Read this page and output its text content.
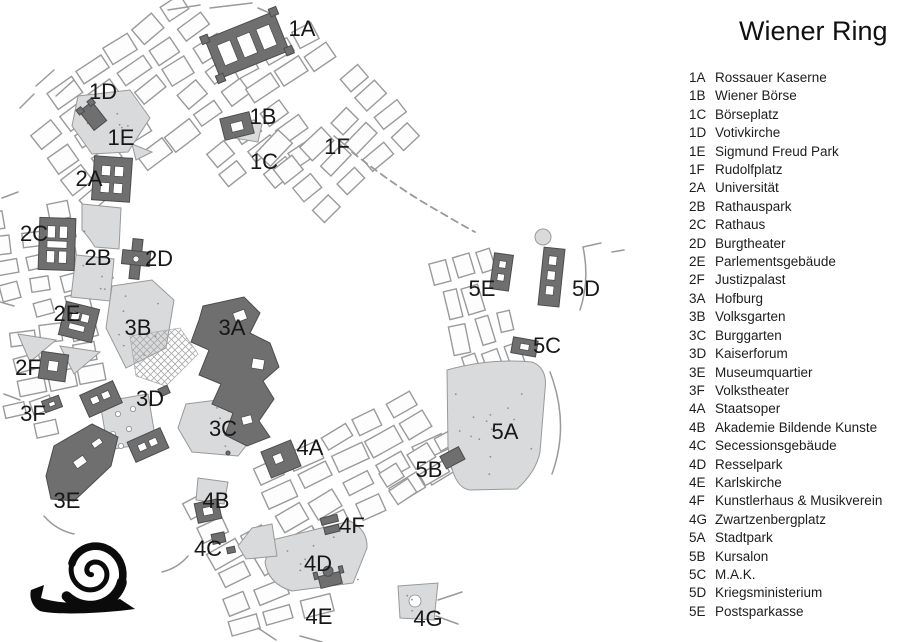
1A
1B
1C
1D
1E	1F
2A
2B
2C
2D
2E
2F
3A
3B
3C
3D
3E
3F
4A
4B
4C
4D
4E
4F
4G
5A
5B
5C
5D
5E
Wiener Ring
1A Rossauer Kaserne
1B Wiener Börse
1C Börseplatz
1D Votivkirche
1E Sigmund Freud Park
1F Rudolfplatz
2A Universität
2B Rathauspark
2C Rathaus
2D Burgtheater
2E Parlementsgebäude
2F Justizpalast
3A Hofburg
3B Volksgarten
3C Burggarten
3D Kaiserforum
3E Museumquartier
3F Volkstheater
4A Staatsoper
4B Akademie Bildende Kunste
4C Secessionsgebäude
4D Resselpark
4E Karlskirche
4F Kunstlerhaus & Musikverein
4G Zwartzenbergplatz
5A Stadtpark
5B Kursalon
5C M.A.K.
5D Kriegsministerium
5E Postsparkasse
